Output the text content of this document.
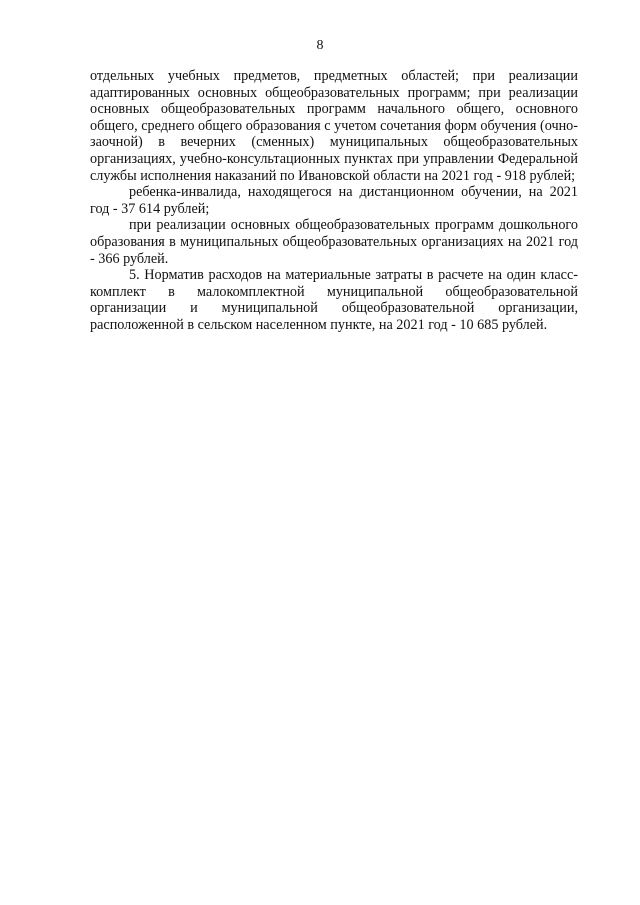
8

отдельных учебных предметов, предметных областей; при реализации адаптированных основных общеобразовательных программ; при реализации основных общеобразовательных программ начального общего, основного общего, среднего общего образования с учетом сочетания форм обучения (очно-заочной) в вечерних (сменных) муниципальных общеобразовательных организациях, учебно-консультационных пунктах при управлении Федеральной службы исполнения наказаний по Ивановской области на 2021 год - 918 рублей;

ребенка-инвалида, находящегося на дистанционном обучении, на 2021 год - 37 614 рублей;

при реализации основных общеобразовательных программ дошкольного образования в муниципальных общеобразовательных организациях на 2021 год - 366 рублей.

5. Норматив расходов на материальные затраты в расчете на один класс-комплект в малокомплектной муниципальной общеобразовательной организации и муниципальной общеобразовательной организации, расположенной в сельском населенном пункте, на 2021 год - 10 685 рублей.
